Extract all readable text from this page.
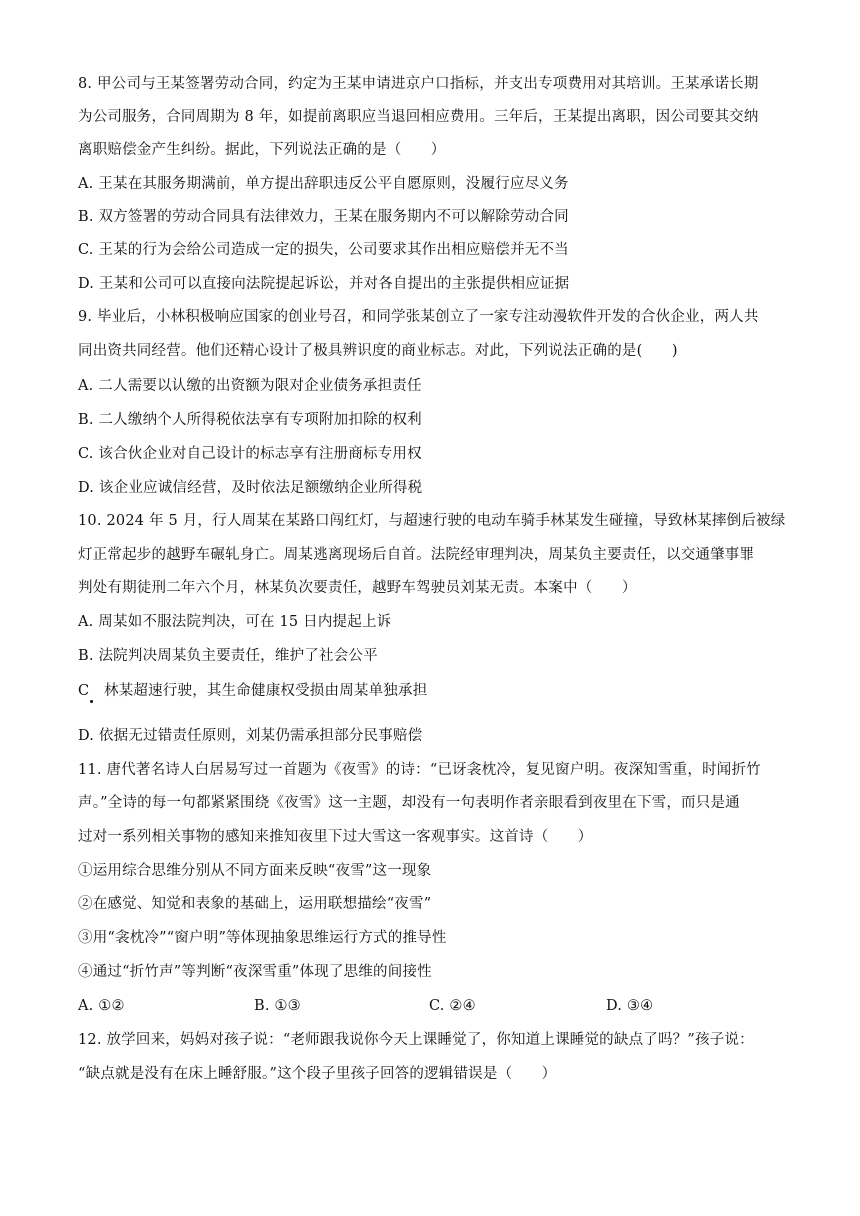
8. 甲公司与王某签署劳动合同，约定为王某申请进京户口指标，并支出专项费用对其培训。王某承诺长期
为公司服务，合同周期为 8 年，如提前离职应当退回相应费用。三年后，王某提出离职，因公司要其交纳
离职赔偿金产生纠纷。据此，下列说法正确的是（　　）
A. 王某在其服务期满前，单方提出辞职违反公平自愿原则，没履行应尽义务
B. 双方签署的劳动合同具有法律效力，王某在服务期内不可以解除劳动合同
C. 王某的行为会给公司造成一定的损失，公司要求其作出相应赔偿并无不当
D. 王某和公司可以直接向法院提起诉讼，并对各自提出的主张提供相应证据
9. 毕业后，小林积极响应国家的创业号召，和同学张某创立了一家专注动漫软件开发的合伙企业，两人共
同出资共同经营。他们还精心设计了极具辨识度的商业标志。对此，下列说法正确的是(　　)
A. 二人需要以认缴的出资额为限对企业债务承担责任
B. 二人缴纳个人所得税依法享有专项附加扣除的权利
C. 该合伙企业对自己设计的标志享有注册商标专用权
D. 该企业应诚信经营，及时依法足额缴纳企业所得税
10. 2024 年 5 月，行人周某在某路口闯红灯，与超速行驶的电动车骑手林某发生碰撞，导致林某摔倒后被绿
灯正常起步的越野车碾轧身亡。周某逃离现场后自首。法院经审理判决，周某负主要责任，以交通肇事罪
判处有期徒刑二年六个月，林某负次要责任，越野车驾驶员刘某无责。本案中（　　）
A. 周某如不服法院判决，可在 15 日内提起上诉
B. 法院判决周某负主要责任，维护了社会公平
C　林某超速行驶，其生命健康权受损由周某单独承担
D. 依据无过错责任原则，刘某仍需承担部分民事赔偿
11. 唐代著名诗人白居易写过一首题为《夜雪》的诗：“已讶衾枕冷，复见窗户明。夜深知雪重，时闻折竹
声。”全诗的每一句都紧紧围绕《夜雪》这一主题，却没有一句表明作者亲眼看到夜里在下雪，而只是通
过对一系列相关事物的感知来推知夜里下过大雪这一客观事实。这首诗（　　）
①运用综合思维分别从不同方面来反映“夜雪”这一现象
②在感觉、知觉和表象的基础上，运用联想描绘“夜雪”
③用“衾枕冷”“窗户明”等体现抽象思维运行方式的推导性
④通过“折竹声”等判断“夜深雪重”体现了思维的间接性
A. ①②	B. ①③	C. ②④	D. ③④
12. 放学回来，妈妈对孩子说：“老师跟我说你今天上课睡觉了，你知道上课睡觉的缺点了吗？”孩子说：
“缺点就是没有在床上睡舒服。”这个段子里孩子回答的逻辑错误是（　　）
